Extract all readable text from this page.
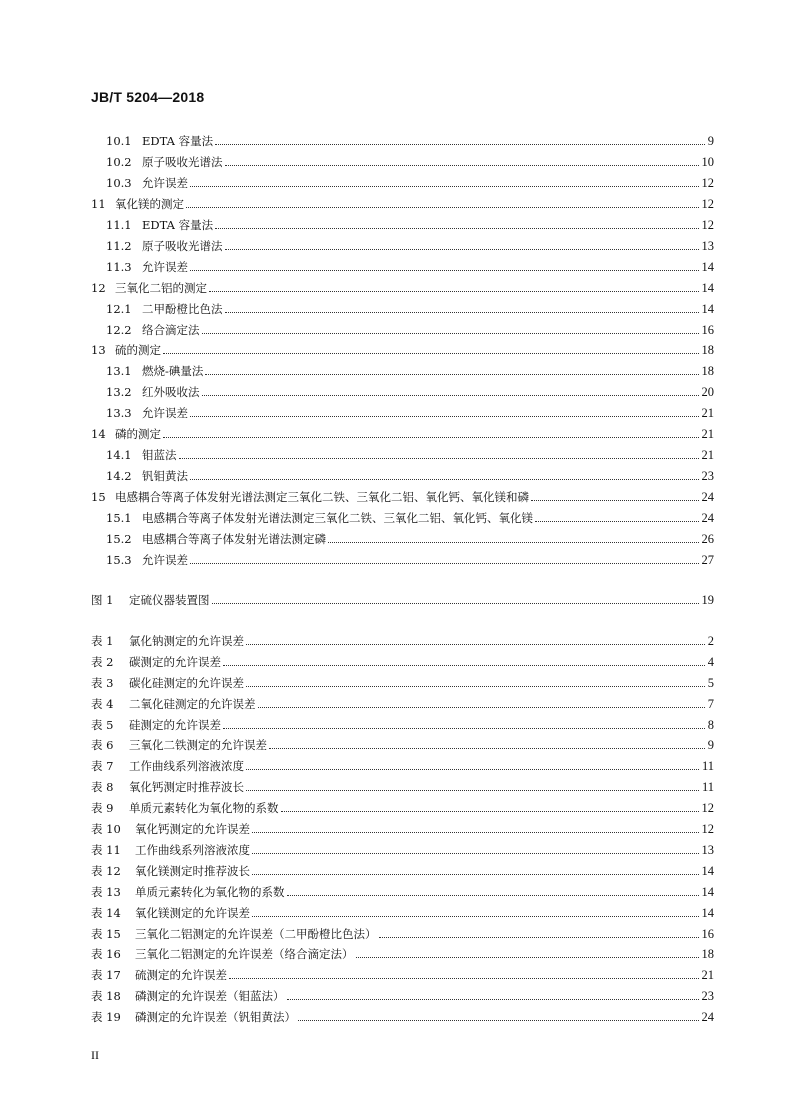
JB/T 5204—2018
10.1 EDTA 容量法	9
10.2 原子吸收光谱法	10
10.3 允许误差	12
11 氧化镁的测定	12
11.1 EDTA 容量法	12
11.2 原子吸收光谱法	13
11.3 允许误差	14
12 三氧化二铝的测定	14
12.1 二甲酚橙比色法	14
12.2 络合滴定法	16
13 硫的测定	18
13.1 燃烧-碘量法	18
13.2 红外吸收法	20
13.3 允许误差	21
14 磷的测定	21
14.1 钼蓝法	21
14.2 钒钼黄法	23
15 电感耦合等离子体发射光谱法测定三氧化二铁、三氧化二铝、氧化钙、氧化镁和磷	24
15.1 电感耦合等离子体发射光谱法测定三氧化二铁、三氧化二铝、氧化钙、氧化镁	24
15.2 电感耦合等离子体发射光谱法测定磷	26
15.3 允许误差	27
图 1	定硫仪器装置图	19
表 1	氯化钠测定的允许误差	2
表 2	碳测定的允许误差	4
表 3	碳化硅测定的允许误差	5
表 4	二氧化硅测定的允许误差	7
表 5	硅测定的允许误差	8
表 6	三氧化二铁测定的允许误差	9
表 7	工作曲线系列溶液浓度	11
表 8	氧化钙测定时推荐波长	11
表 9	单质元素转化为氧化物的系数	12
表 10	氧化钙测定的允许误差	12
表 11	工作曲线系列溶液浓度	13
表 12	氧化镁测定时推荐波长	14
表 13	单质元素转化为氧化物的系数	14
表 14	氧化镁测定的允许误差	14
表 15	三氧化二铝测定的允许误差（二甲酚橙比色法）	16
表 16	三氧化二铝测定的允许误差（络合滴定法）	18
表 17	硫测定的允许误差	21
表 18	磷测定的允许误差（钼蓝法）	23
表 19	磷测定的允许误差（钒钼黄法）	24
II
